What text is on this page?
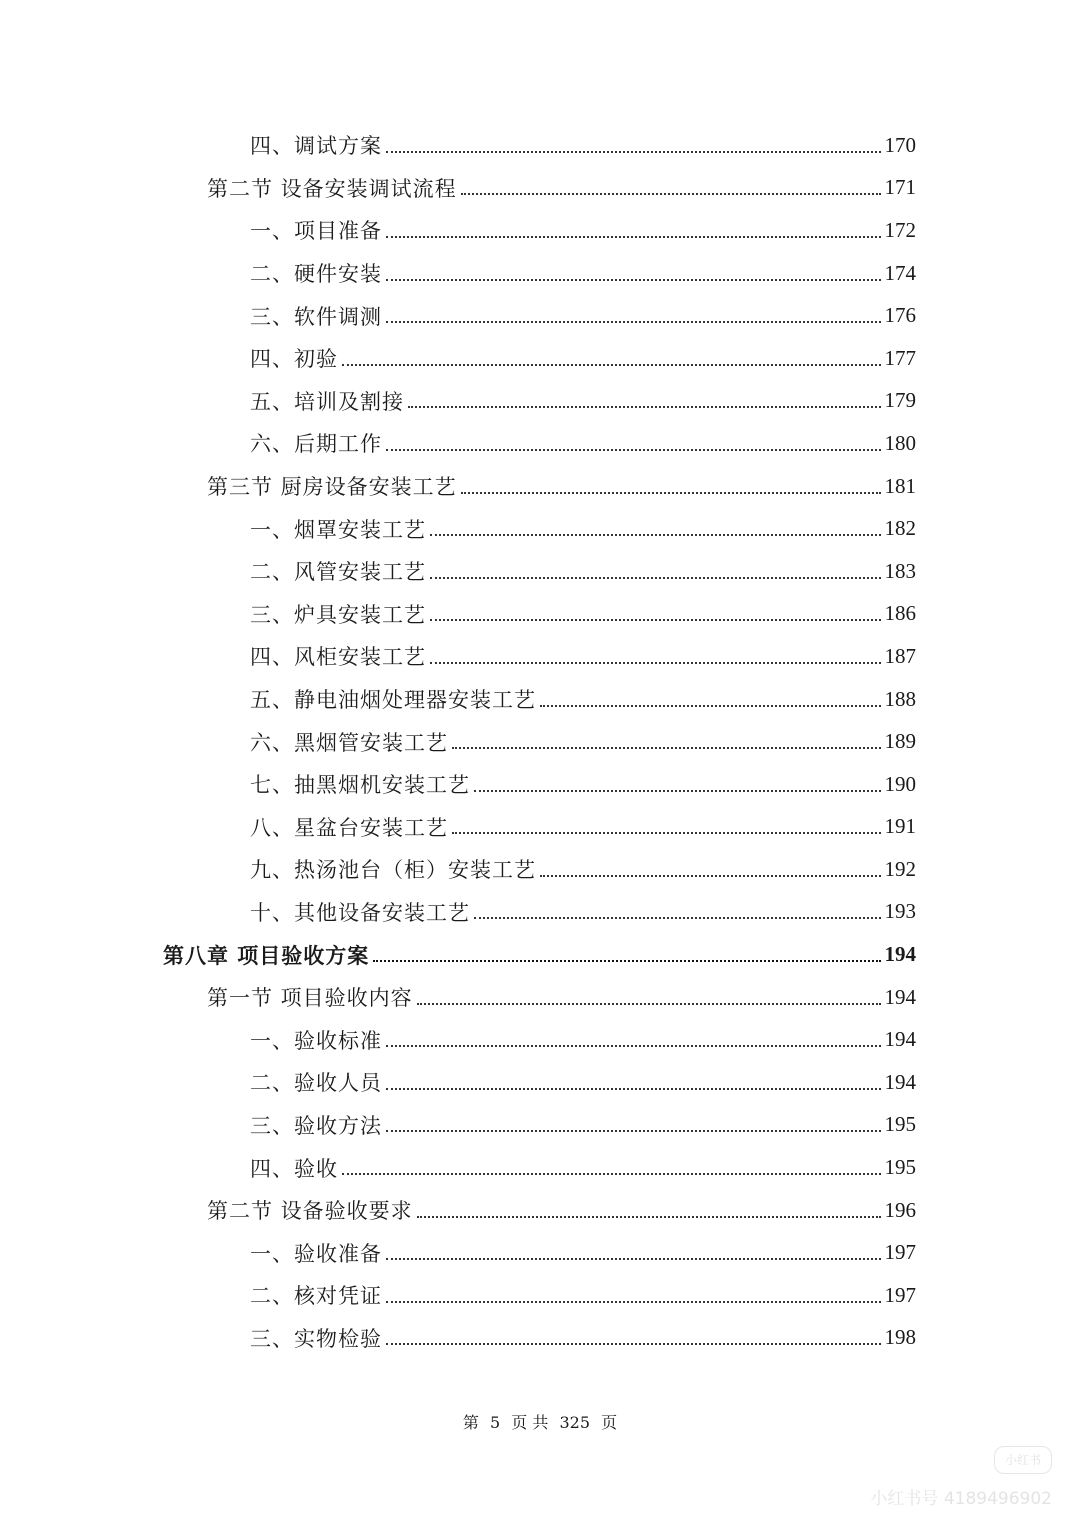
四、调试方案	170
第二节 设备安装调试流程	171
一、项目准备	172
二、硬件安装	174
三、软件调测	176
四、初验	177
五、培训及割接	179
六、后期工作	180
第三节 厨房设备安装工艺	181
一、烟罩安装工艺	182
二、风管安装工艺	183
三、炉具安装工艺	186
四、风柜安装工艺	187
五、静电油烟处理器安装工艺	188
六、黑烟管安装工艺	189
七、抽黑烟机安装工艺	190
八、星盆台安装工艺	191
九、热汤池台（柜）安装工艺	192
十、其他设备安装工艺	193
第八章 项目验收方案	194
第一节 项目验收内容	194
一、验收标准	194
二、验收人员	194
三、验收方法	195
四、验收	195
第二节 设备验收要求	196
一、验收准备	197
二、核对凭证	197
三、实物检验	198
第 5 页 共 325 页
小红书
小红书号 4189496902
